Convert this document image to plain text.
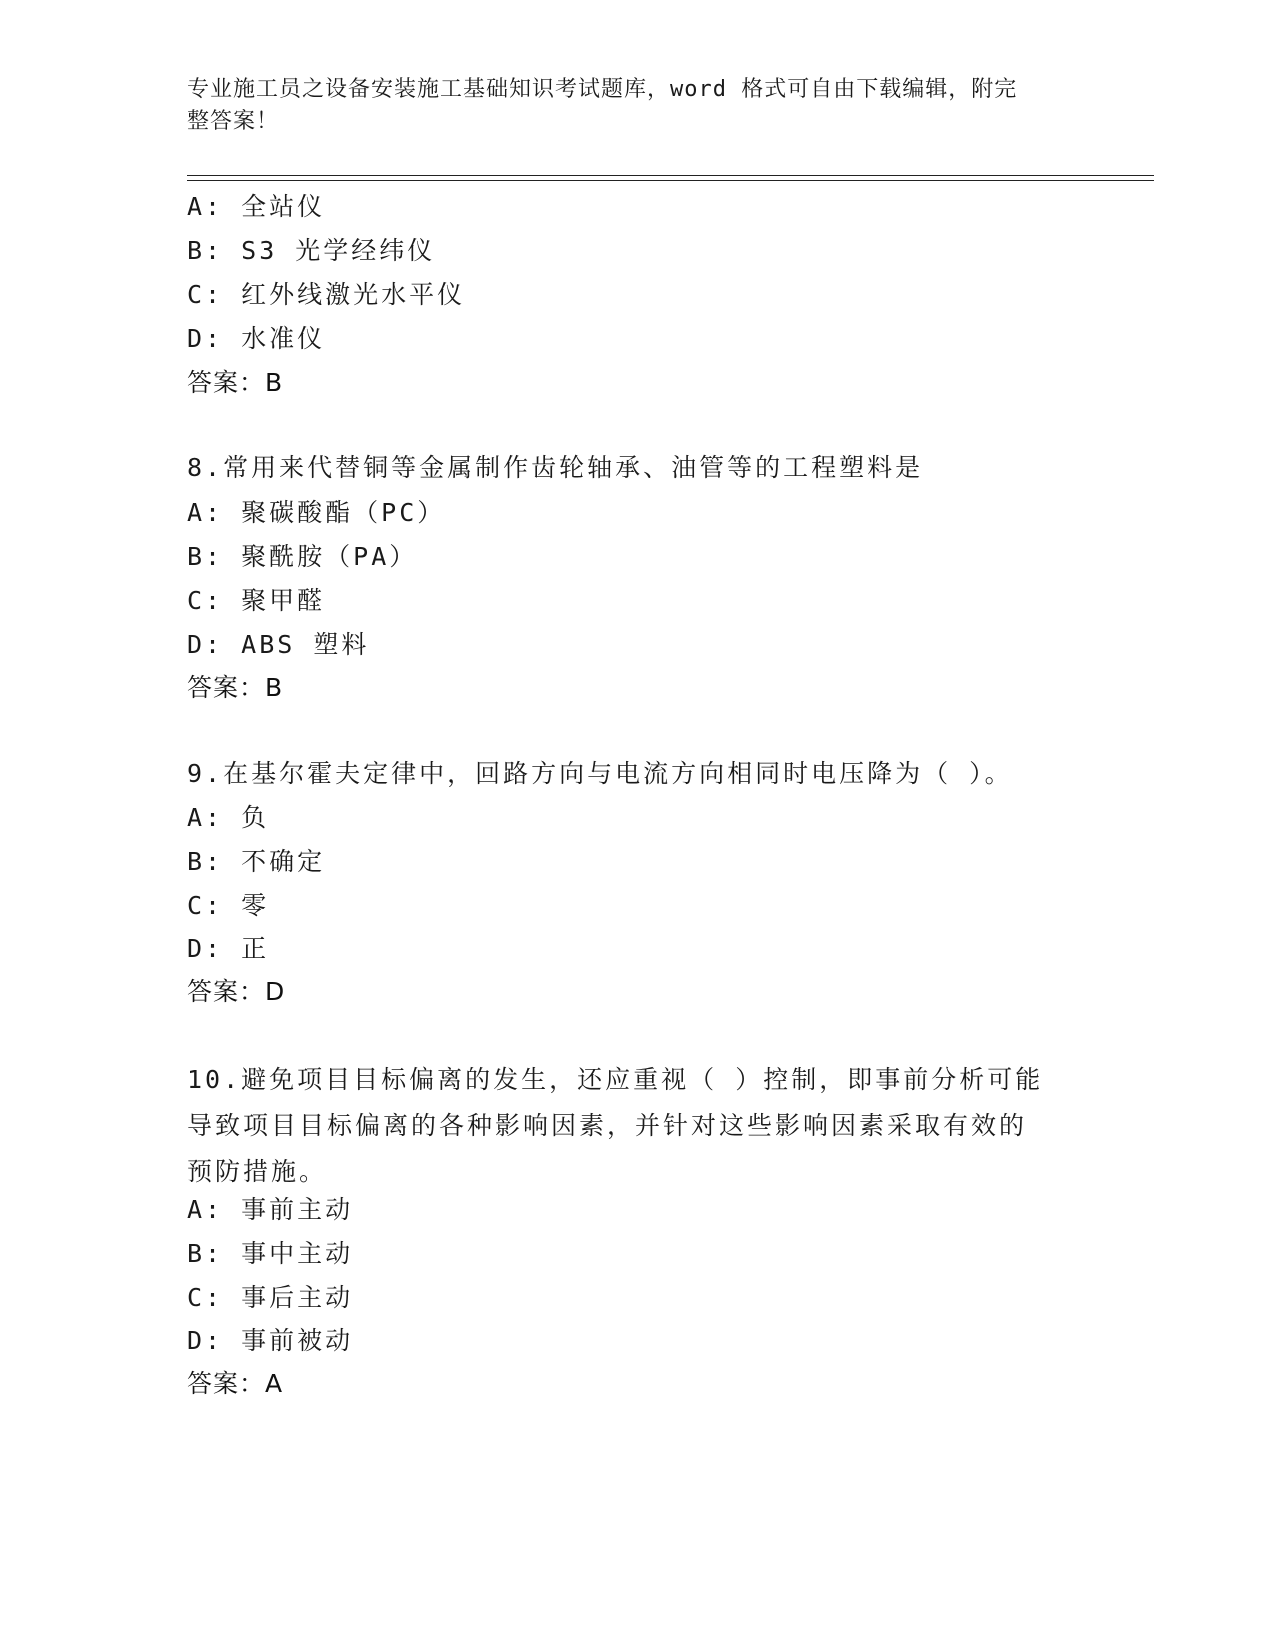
专业施工员之设备安装施工基础知识考试题库，word 格式可自由下载编辑，附完
整答案！
A: 全站仪
B: S3 光学经纬仪
C: 红外线激光水平仪
D: 水准仪
答案：B
8.常用来代替铜等金属制作齿轮轴承、油管等的工程塑料是
A: 聚碳酸酯（PC）
B: 聚酰胺（PA）
C: 聚甲醛
D: ABS 塑料
答案：B
9.在基尔霍夫定律中，回路方向与电流方向相同时电压降为（ ）。
A: 负
B: 不确定
C: 零
D: 正
答案：D
10.避免项目目标偏离的发生，还应重视（ ）控制，即事前分析可能
导致项目目标偏离的各种影响因素，并针对这些影响因素采取有效的
预防措施。
A: 事前主动
B: 事中主动
C: 事后主动
D: 事前被动
答案：A
